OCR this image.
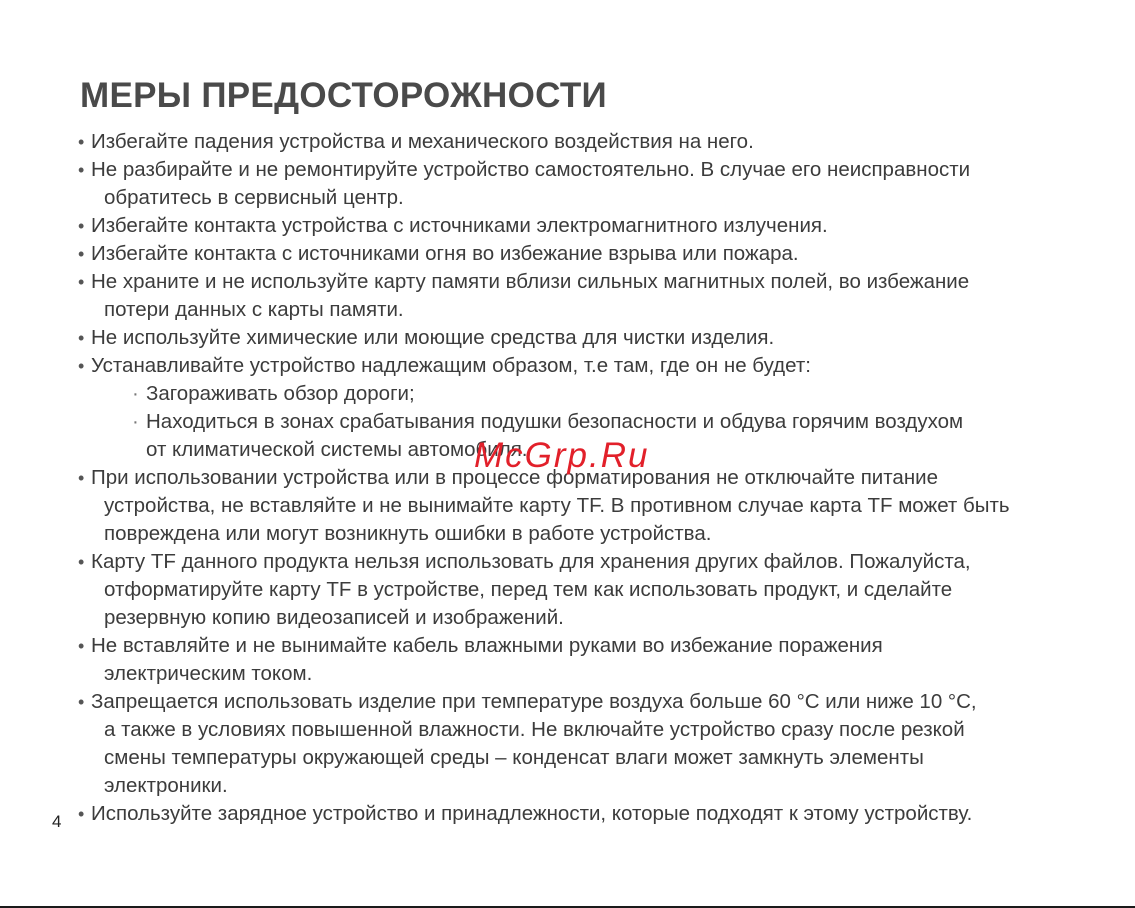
МЕРЫ ПРЕДОСТОРОЖНОСТИ
• Избегайте падения устройства и механического воздействия на него.
• Не разбирайте и не ремонтируйте устройство самостоятельно. В случае его неисправности
обратитесь в сервисный центр.
• Избегайте контакта устройства с источниками электромагнитного излучения.
• Избегайте контакта с источниками огня во избежание взрыва или пожара.
• Не храните и не используйте карту памяти вблизи сильных магнитных полей, во избежание
потери данных с карты памяти.
• Не используйте химические или моющие средства для чистки изделия.
• Устанавливайте устройство надлежащим образом, т.е там, где он не будет:
· Загораживать обзор дороги;
· Находиться в зонах срабатывания подушки безопасности и обдува горячим воздухом
от климатической системы автомобиля.
• При использовании устройства или в процессе форматирования не отключайте питание
устройства, не вставляйте и не вынимайте карту TF. В противном случае карта TF может быть
повреждена или могут возникнуть ошибки в работе устройства.
• Карту TF данного продукта нельзя использовать для хранения других файлов. Пожалуйста,
отформатируйте карту TF в устройстве, перед тем как использовать продукт, и сделайте
резервную копию видеозаписей и изображений.
• Не вставляйте и не вынимайте кабель влажными руками во избежание поражения
электрическим током.
• Запрещается использовать изделие при температуре воздуха больше 60 °С или ниже 10 °С,
а также в условиях повышенной влажности. Не включайте устройство сразу после резкой
смены температуры окружающей среды – конденсат влаги может замкнуть элементы
электроники.
• Используйте зарядное устройство и принадлежности, которые подходят к этому устройству.
4
McGrp.Ru
